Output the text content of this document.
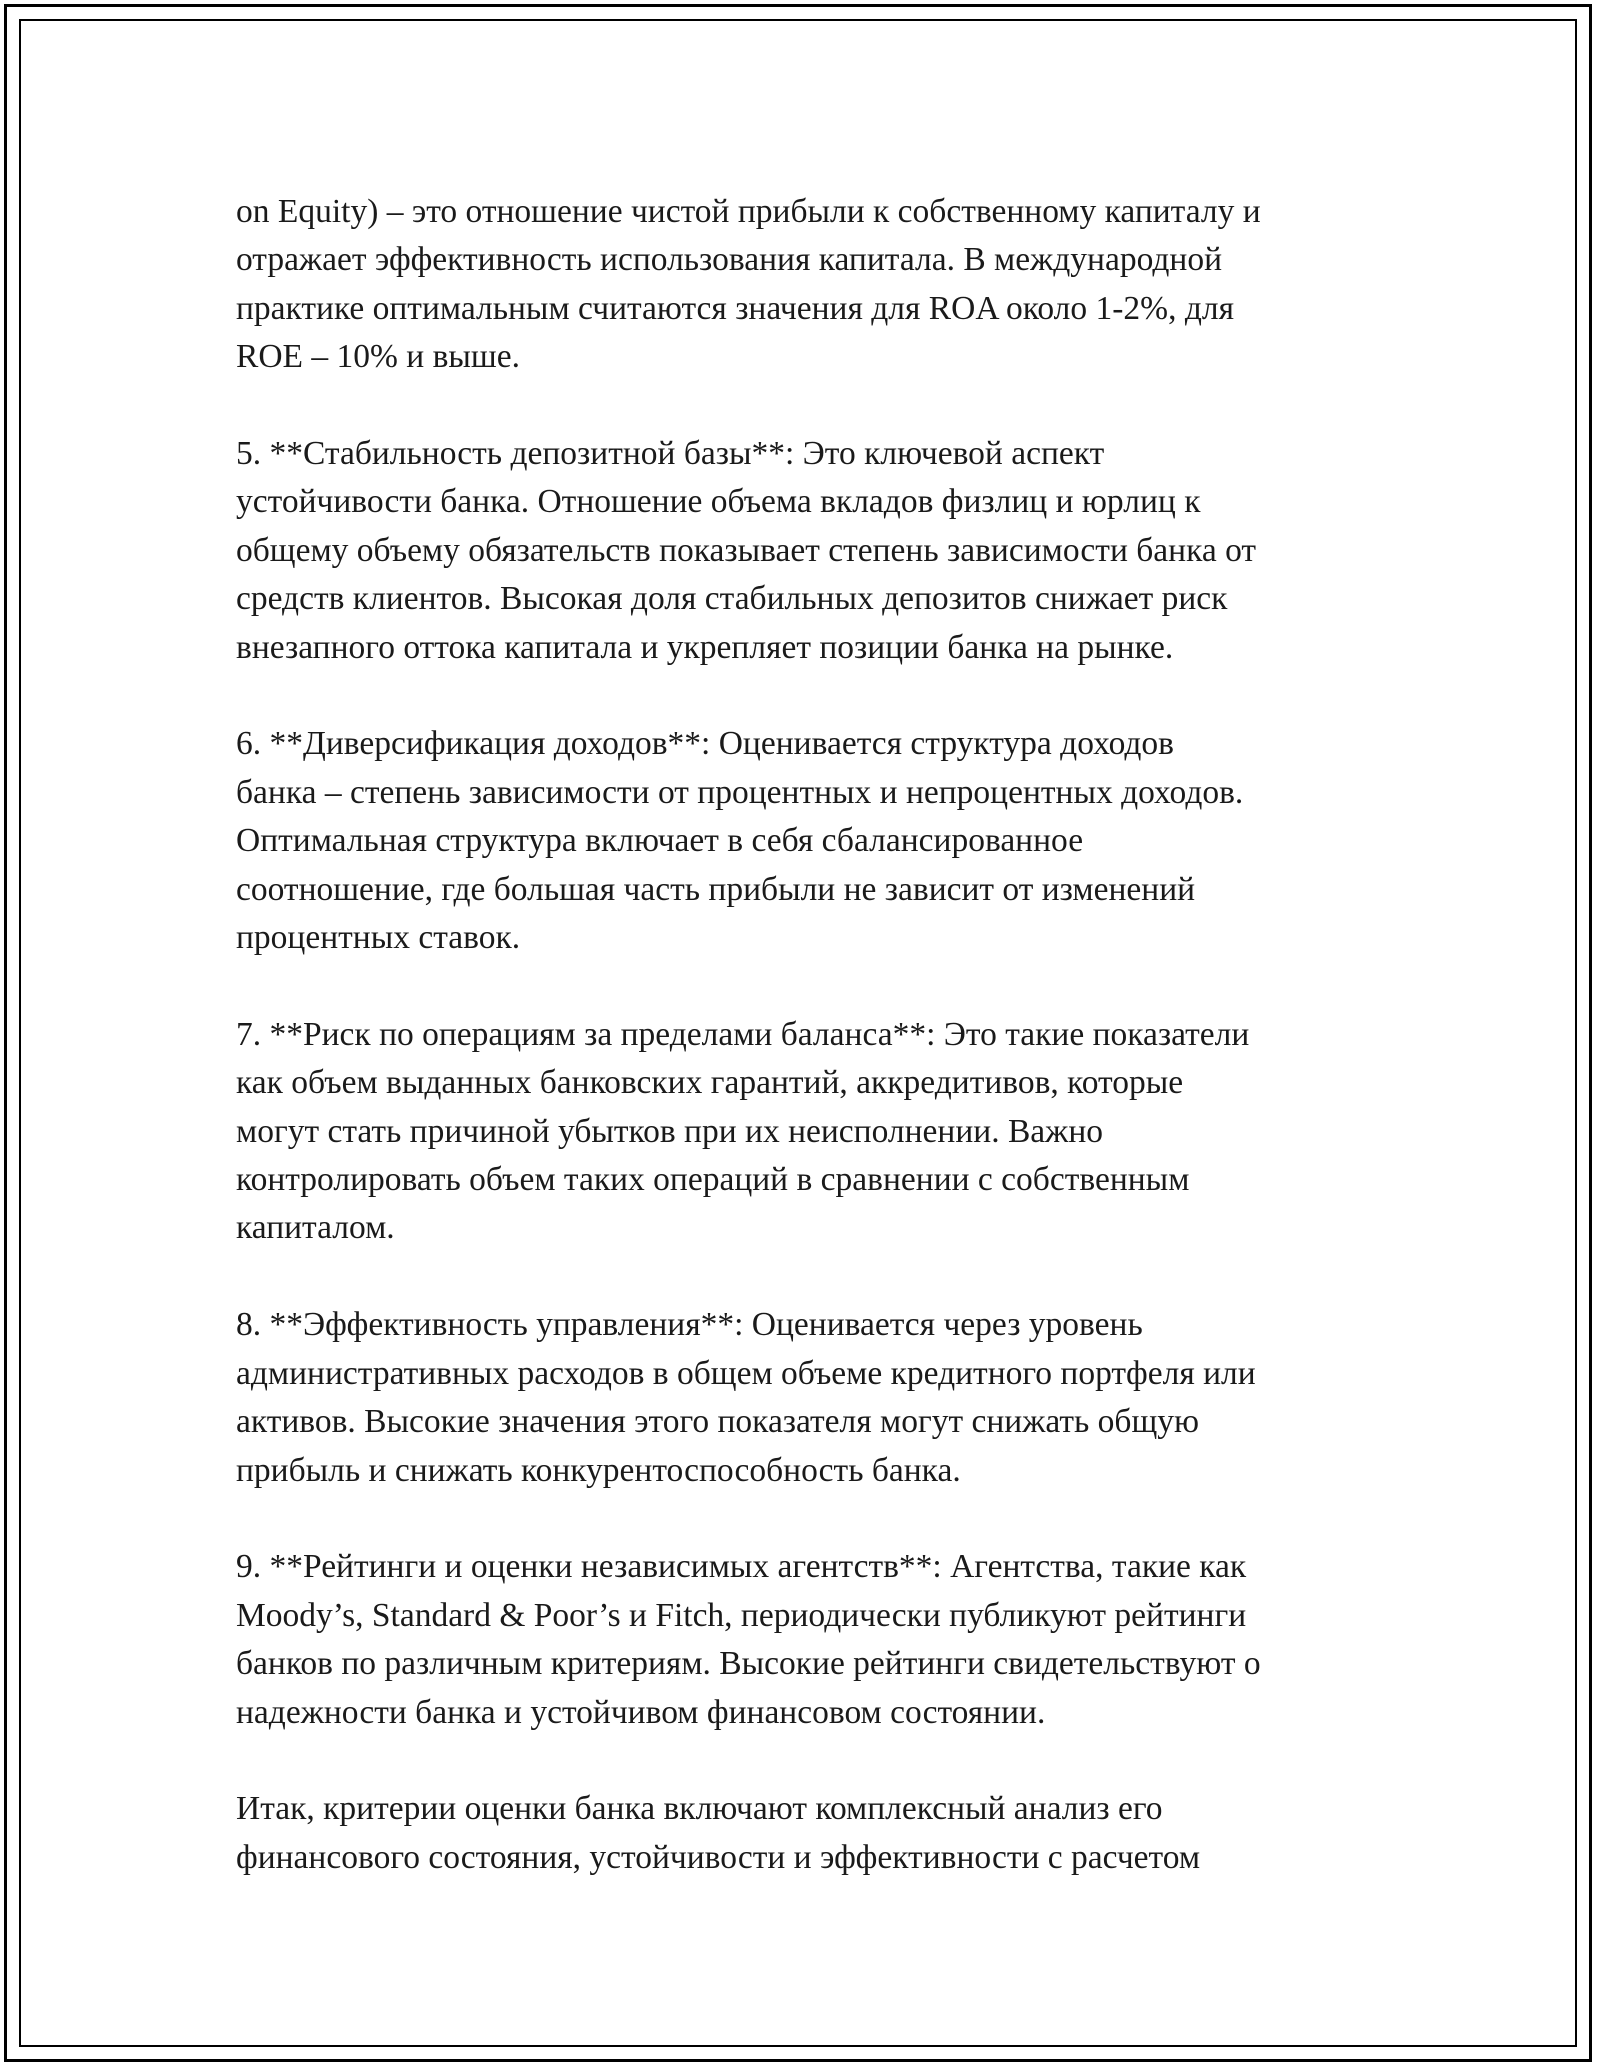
on Equity) – это отношение чистой прибыли к собственному капиталу и
отражает эффективность использования капитала. В международной
практике оптимальным считаются значения для ROA около 1-2%, для
ROE – 10% и выше.

5. **Стабильность депозитной базы**: Это ключевой аспект
устойчивости банка. Отношение объема вкладов физлиц и юрлиц к
общему объему обязательств показывает степень зависимости банка от
средств клиентов. Высокая доля стабильных депозитов снижает риск
внезапного оттока капитала и укрепляет позиции банка на рынке.

6. **Диверсификация доходов**: Оценивается структура доходов
банка – степень зависимости от процентных и непроцентных доходов.
Оптимальная структура включает в себя сбалансированное
соотношение, где большая часть прибыли не зависит от изменений
процентных ставок.

7. **Риск по операциям за пределами баланса**: Это такие показатели
как объем выданных банковских гарантий, аккредитивов, которые
могут стать причиной убытков при их неисполнении. Важно
контролировать объем таких операций в сравнении с собственным
капиталом.

8. **Эффективность управления**: Оценивается через уровень
административных расходов в общем объеме кредитного портфеля или
активов. Высокие значения этого показателя могут снижать общую
прибыль и снижать конкурентоспособность банка.

9. **Рейтинги и оценки независимых агентств**: Агентства, такие как
Moody’s, Standard & Poor’s и Fitch, периодически публикуют рейтинги
банков по различным критериям. Высокие рейтинги свидетельствуют о
надежности банка и устойчивом финансовом состоянии.

Итак, критерии оценки банка включают комплексный анализ его
финансового состояния, устойчивости и эффективности с расчетом
